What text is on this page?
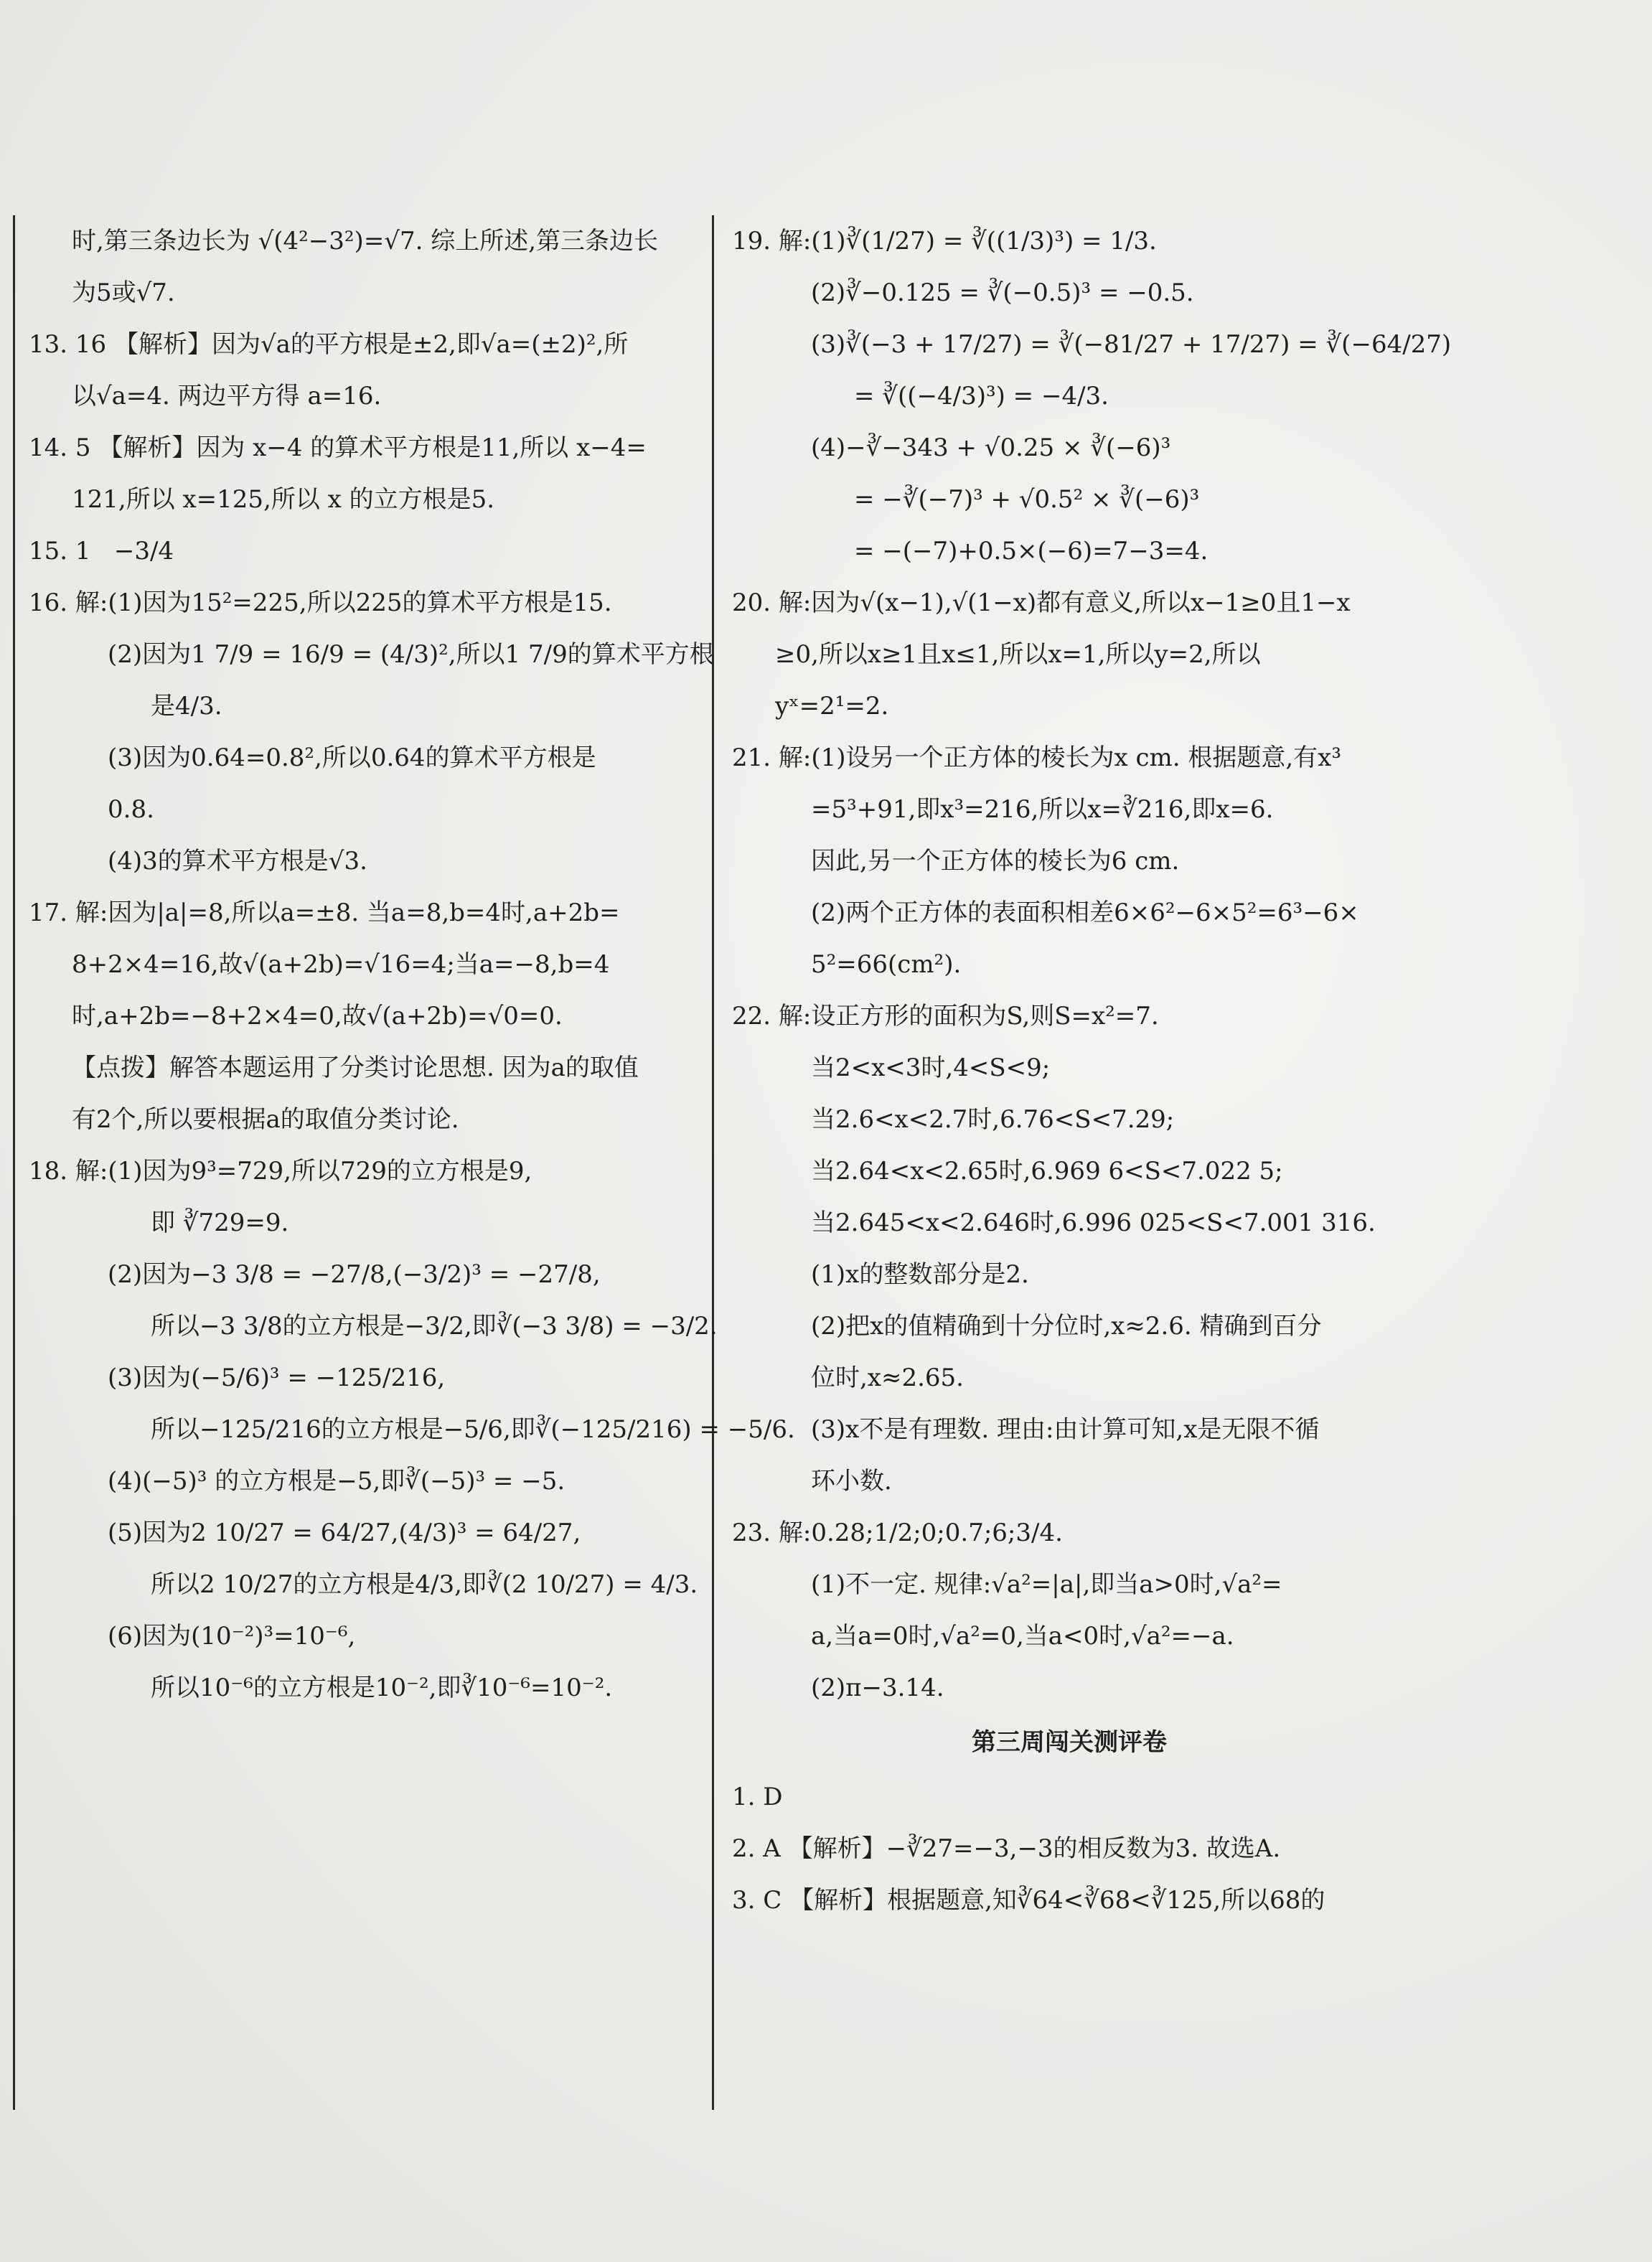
时,第三条边长为 √(4²−3²)=√7. 综上所述,第三条边长
为5或√7.
13. 16 【解析】因为√a的平方根是±2,即√a=(±2)²,所
以√a=4. 两边平方得 a=16.
14. 5 【解析】因为 x−4 的算术平方根是11,所以 x−4=
121,所以 x=125,所以 x 的立方根是5.
15. 1   −3/4
16. 解:(1)因为15²=225,所以225的算术平方根是15.
(2)因为1 7/9 = 16/9 = (4/3)²,所以1 7/9的算术平方根
是4/3.
(3)因为0.64=0.8²,所以0.64的算术平方根是
0.8.
(4)3的算术平方根是√3.
17. 解:因为|a|=8,所以a=±8. 当a=8,b=4时,a+2b=
8+2×4=16,故√(a+2b)=√16=4;当a=−8,b=4
时,a+2b=−8+2×4=0,故√(a+2b)=√0=0.
【点拨】解答本题运用了分类讨论思想. 因为a的取值
有2个,所以要根据a的取值分类讨论.
18. 解:(1)因为9³=729,所以729的立方根是9,
即 ∛729=9.
(2)因为−3 3/8 = −27/8,(−3/2)³ = −27/8,
所以−3 3/8的立方根是−3/2,即∛(−3 3/8) = −3/2.
(3)因为(−5/6)³ = −125/216,
所以−125/216的立方根是−5/6,即∛(−125/216) = −5/6.
(4)(−5)³ 的立方根是−5,即∛(−5)³ = −5.
(5)因为2 10/27 = 64/27,(4/3)³ = 64/27,
所以2 10/27的立方根是4/3,即∛(2 10/27) = 4/3.
(6)因为(10⁻²)³=10⁻⁶,
所以10⁻⁶的立方根是10⁻²,即∛10⁻⁶=10⁻².
19. 解:(1)∛(1/27) = ∛((1/3)³) = 1/3.
(2)∛−0.125 = ∛(−0.5)³ = −0.5.
(3)∛(−3 + 17/27) = ∛(−81/27 + 17/27) = ∛(−64/27)
= ∛((−4/3)³) = −4/3.
(4)−∛−343 + √0.25 × ∛(−6)³
= −∛(−7)³ + √0.5² × ∛(−6)³
= −(−7)+0.5×(−6)=7−3=4.
20. 解:因为√(x−1),√(1−x)都有意义,所以x−1≥0且1−x
≥0,所以x≥1且x≤1,所以x=1,所以y=2,所以
yˣ=2¹=2.
21. 解:(1)设另一个正方体的棱长为x cm. 根据题意,有x³
=5³+91,即x³=216,所以x=∛216,即x=6.
因此,另一个正方体的棱长为6 cm.
(2)两个正方体的表面积相差6×6²−6×5²=6³−6×
5²=66(cm²).
22. 解:设正方形的面积为S,则S=x²=7.
当2<x<3时,4<S<9;
当2.6<x<2.7时,6.76<S<7.29;
当2.64<x<2.65时,6.969 6<S<7.022 5;
当2.645<x<2.646时,6.996 025<S<7.001 316.
(1)x的整数部分是2.
(2)把x的值精确到十分位时,x≈2.6. 精确到百分
位时,x≈2.65.
(3)x不是有理数. 理由:由计算可知,x是无限不循
环小数.
23. 解:0.28;1/2;0;0.7;6;3/4.
(1)不一定. 规律:√a²=|a|,即当a>0时,√a²=
a,当a=0时,√a²=0,当a<0时,√a²=−a.
(2)π−3.14.
第三周闯关测评卷
1. D
2. A 【解析】−∛27=−3,−3的相反数为3. 故选A.
3. C 【解析】根据题意,知∛64<∛68<∛125,所以68的
